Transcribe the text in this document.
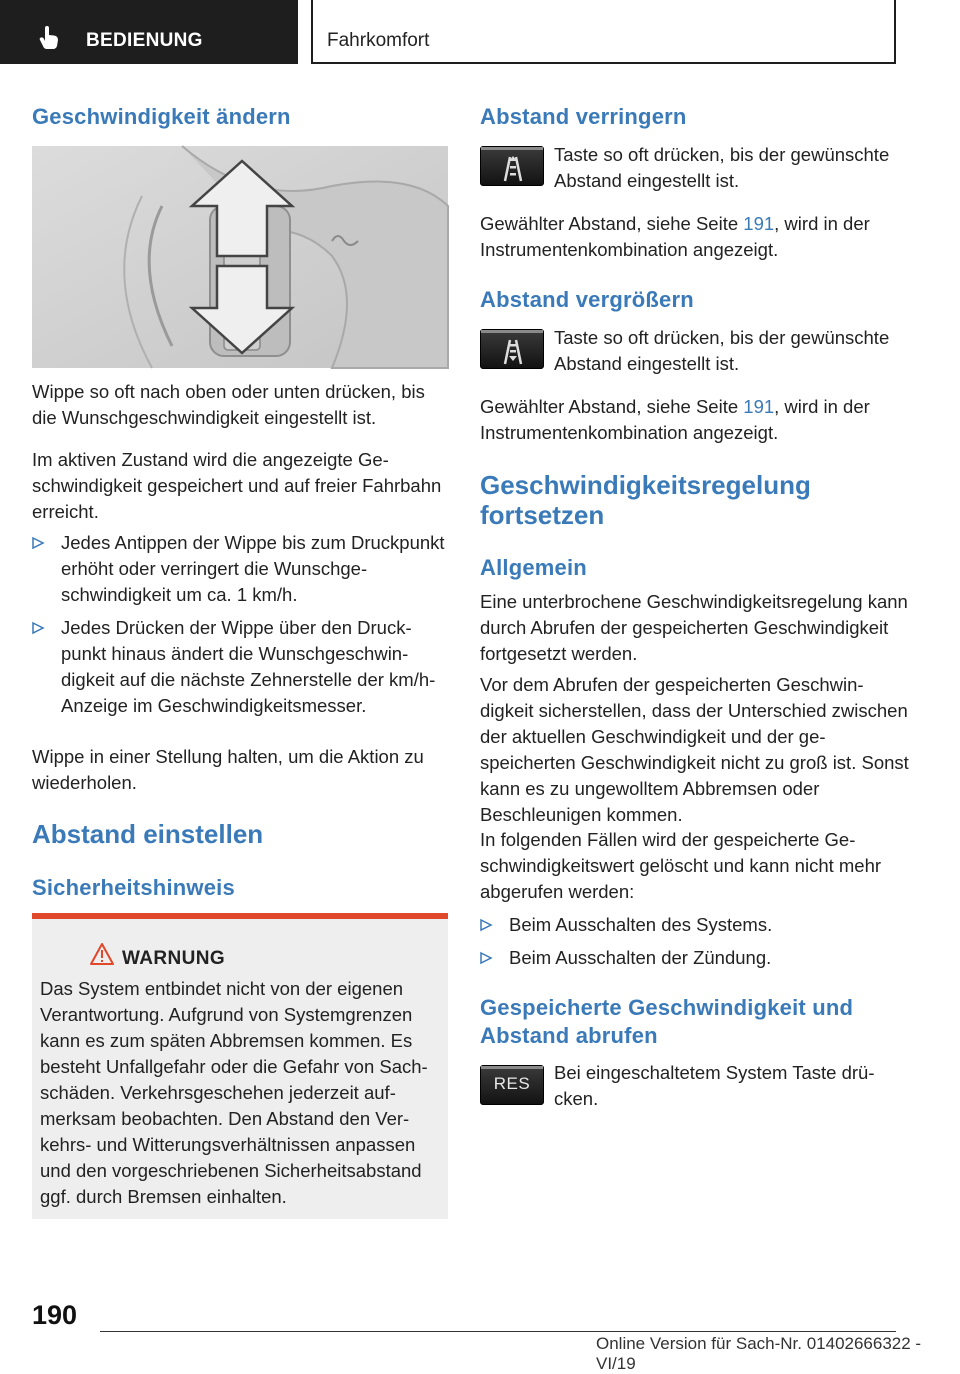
BEDIENUNG	Fahrkomfort
Geschwindigkeit ändern

Wippe so oft nach oben oder unten drücken, bis die Wunschgeschwindigkeit eingestellt ist.

Im aktiven Zustand wird die angezeigte Geschwindigkeit gespeichert und auf freier Fahrbahn erreicht.

Jedes Antippen der Wippe bis zum Druckpunkt erhöht oder verringert die Wunschgeschwindigkeit um ca. 1 km/h.
Jedes Drücken der Wippe über den Druckpunkt hinaus ändert die Wunschgeschwindigkeit auf die nächste Zehnerstelle der km/h-Anzeige im Geschwindigkeitsmesser.

Wippe in einer Stellung halten, um die Aktion zu wiederholen.

Abstand einstellen
Sicherheitshinweis
WARNUNG
Das System entbindet nicht von der eigenen Verantwortung. Aufgrund von Systemgrenzen kann es zum späten Abbremsen kommen. Es besteht Unfallgefahr oder die Gefahr von Sachschäden. Verkehrsgeschehen jederzeit aufmerksam beobachten. Den Abstand den Verkehrs- und Witterungsverhältnissen anpassen und den vorgeschriebenen Sicherheitsabstand ggf. durch Bremsen einhalten.
Abstand verringern

Taste so oft drücken, bis der gewünschte Abstand eingestellt ist.

Gewählter Abstand, siehe Seite 191, wird in der Instrumentenkombination angezeigt.

Abstand vergrößern

Taste so oft drücken, bis der gewünschte Abstand eingestellt ist.

Gewählter Abstand, siehe Seite 191, wird in der Instrumentenkombination angezeigt.

Geschwindigkeitsregelung fortsetzen
Allgemein

Eine unterbrochene Geschwindigkeitsregelung kann durch Abrufen der gespeicherten Geschwindigkeit fortgesetzt werden.

Vor dem Abrufen der gespeicherten Geschwindigkeit sicherstellen, dass der Unterschied zwischen der aktuellen Geschwindigkeit und der gespeicherten Geschwindigkeit nicht zu groß ist. Sonst kann es zu ungewolltem Abbremsen oder Beschleunigen kommen.

In folgenden Fällen wird der gespeicherte Geschwindigkeitswert gelöscht und kann nicht mehr abgerufen werden:

Beim Ausschalten des Systems.
Beim Ausschalten der Zündung.
Gespeicherte Geschwindigkeit und Abstand abrufen
RES

Bei eingeschaltetem System Taste drücken.

190
Online Version für Sach-Nr. 01402666322 - VI/19
